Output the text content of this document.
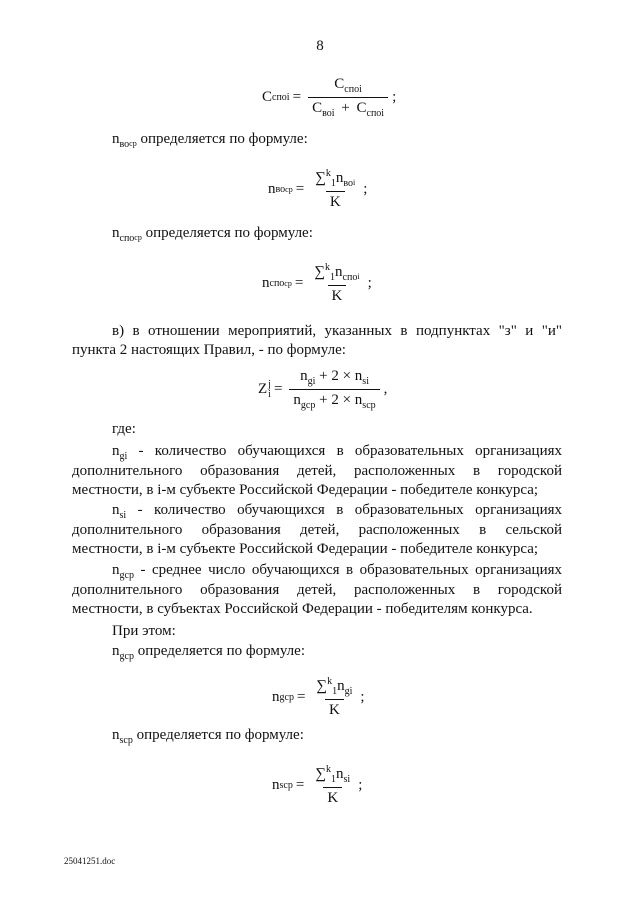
8
C споi = $\frac{C_{споi}}{C_{воi} + C_{споi}}$ ;
$n_{воср}$ определяется по формуле:
n во ср = $\frac{\sum^k_1n_{воi}}{K}$ ;
$n_{споср}$ определяется по формуле:
n спо ср = $\frac{\sum^k_1n_{споi}}{K}$ ;
в) в отношении мероприятий, указанных в подпунктах "з" и "и"
пункта 2 настоящих Правил, - по формуле:
Z j
$i = \frac{n_{gi} + 2 \times n_{si}}{n_{gcp} + 2 \times n_{scp}}$ ,
где:
$n_{gi}$ - количество обучающихся в образовательных организациях
дополнительного образования детей, расположенных в городской
местности, в i-м субъекте Российской Федерации - победителе конкурса;
$n_{si}$ - количество обучающихся в образовательных организациях
дополнительного образования детей, расположенных в сельской
местности, в i-м субъекте Российской Федерации - победителе конкурса;
$n_{gcp}$ - среднее число обучающихся в образовательных организациях
дополнительного образования детей, расположенных в городской
местности, в субъектах Российской Федерации - победителям конкурса.
При этом:
$n_{gcp}$ определяется по формуле:
n gcp = $\frac{\sum^k_1n_{gi}}{K}$ ;
$n_{scp}$ определяется по формуле:
n scp = $\frac{\sum^k_1n_{si}}{K}$ ;
25041251.doc
